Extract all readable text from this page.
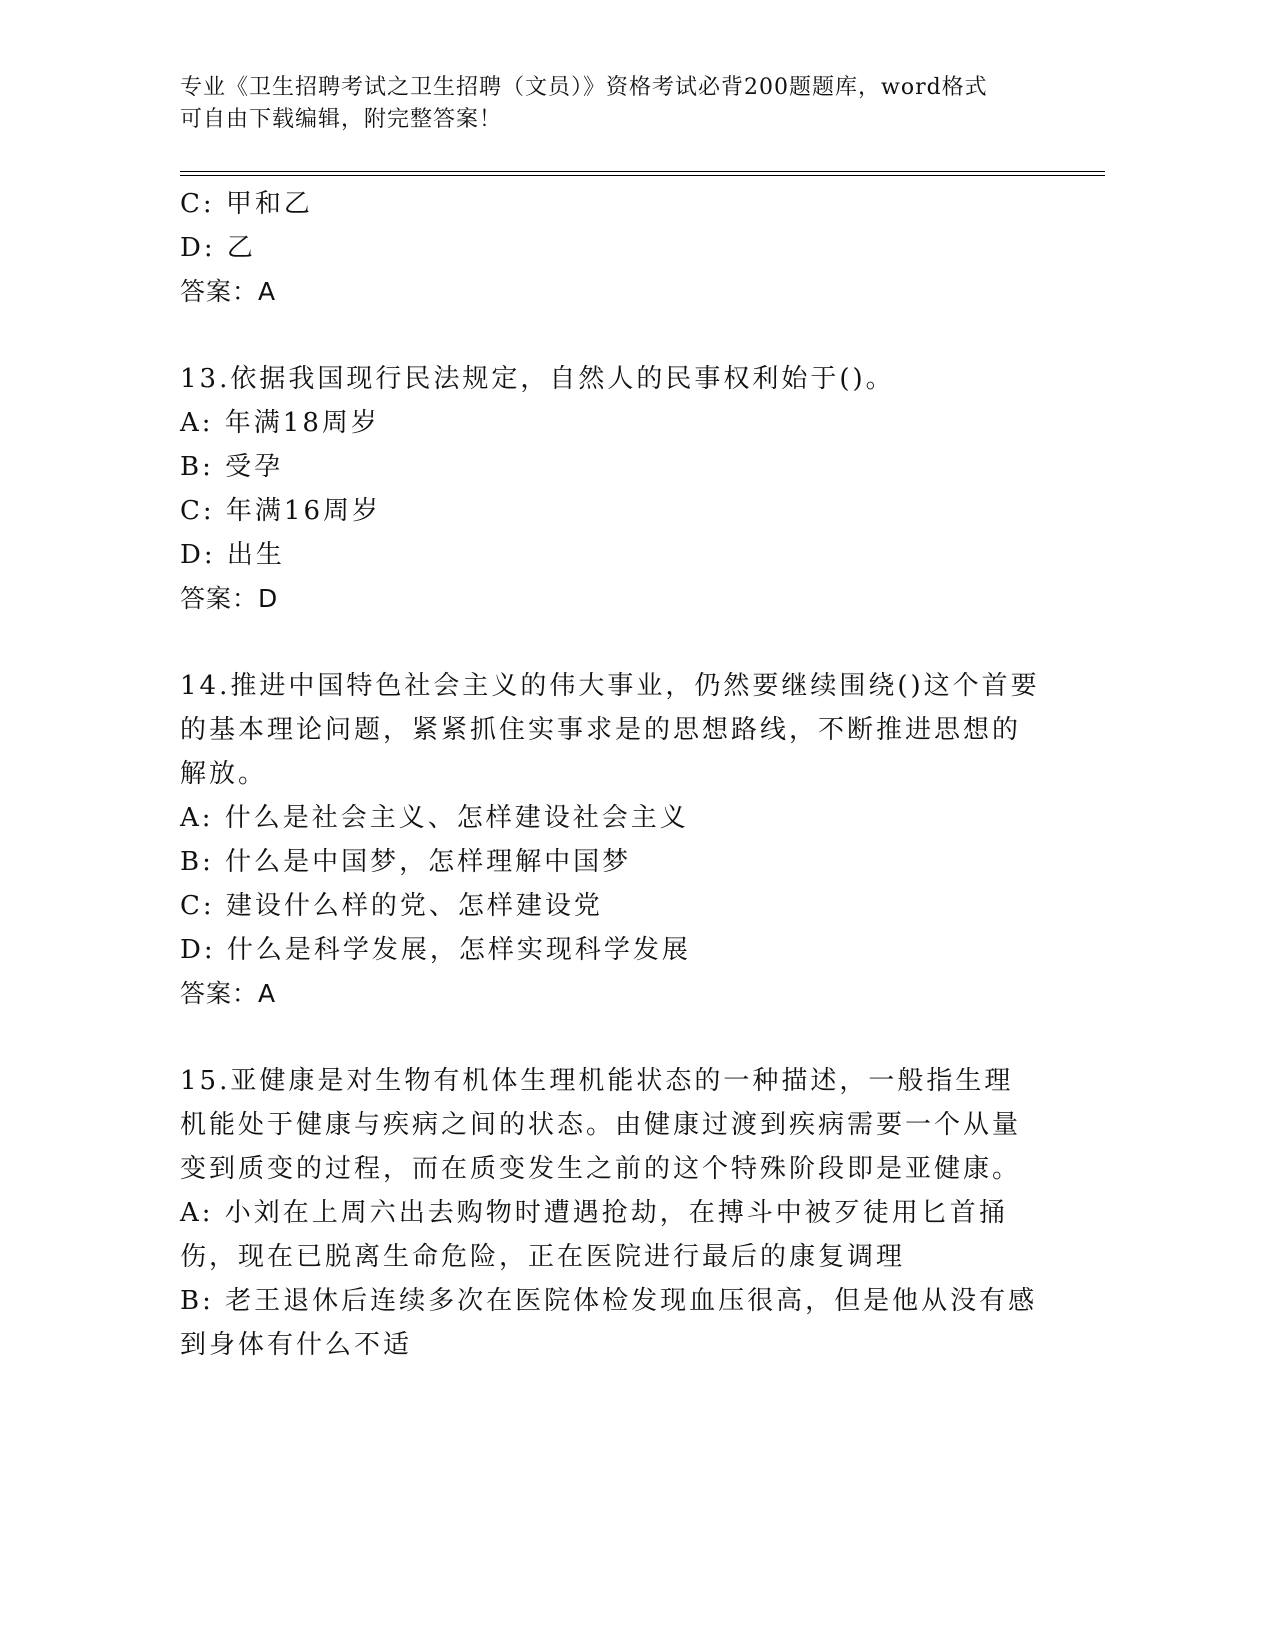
专业《卫生招聘考试之卫生招聘（文员）》资格考试必背200题题库，word格式
可自由下载编辑，附完整答案！
C: 甲和乙
D: 乙
答案：A
13.依据我国现行民法规定，自然人的民事权利始于()。
A: 年满18周岁
B: 受孕
C: 年满16周岁
D: 出生
答案：D
14.推进中国特色社会主义的伟大事业，仍然要继续围绕()这个首要的基本理论问题，紧紧抓住实事求是的思想路线，不断推进思想的解放。
A: 什么是社会主义、怎样建设社会主义
B: 什么是中国梦，怎样理解中国梦
C: 建设什么样的党、怎样建设党
D: 什么是科学发展，怎样实现科学发展
答案：A
15.亚健康是对生物有机体生理机能状态的一种描述，一般指生理机能处于健康与疾病之间的状态。由健康过渡到疾病需要一个从量变到质变的过程，而在质变发生之前的这个特殊阶段即是亚健康。
A: 小刘在上周六出去购物时遭遇抢劫，在搏斗中被歹徒用匕首捅伤，现在已脱离生命危险，正在医院进行最后的康复调理
B: 老王退休后连续多次在医院体检发现血压很高，但是他从没有感到身体有什么不适
